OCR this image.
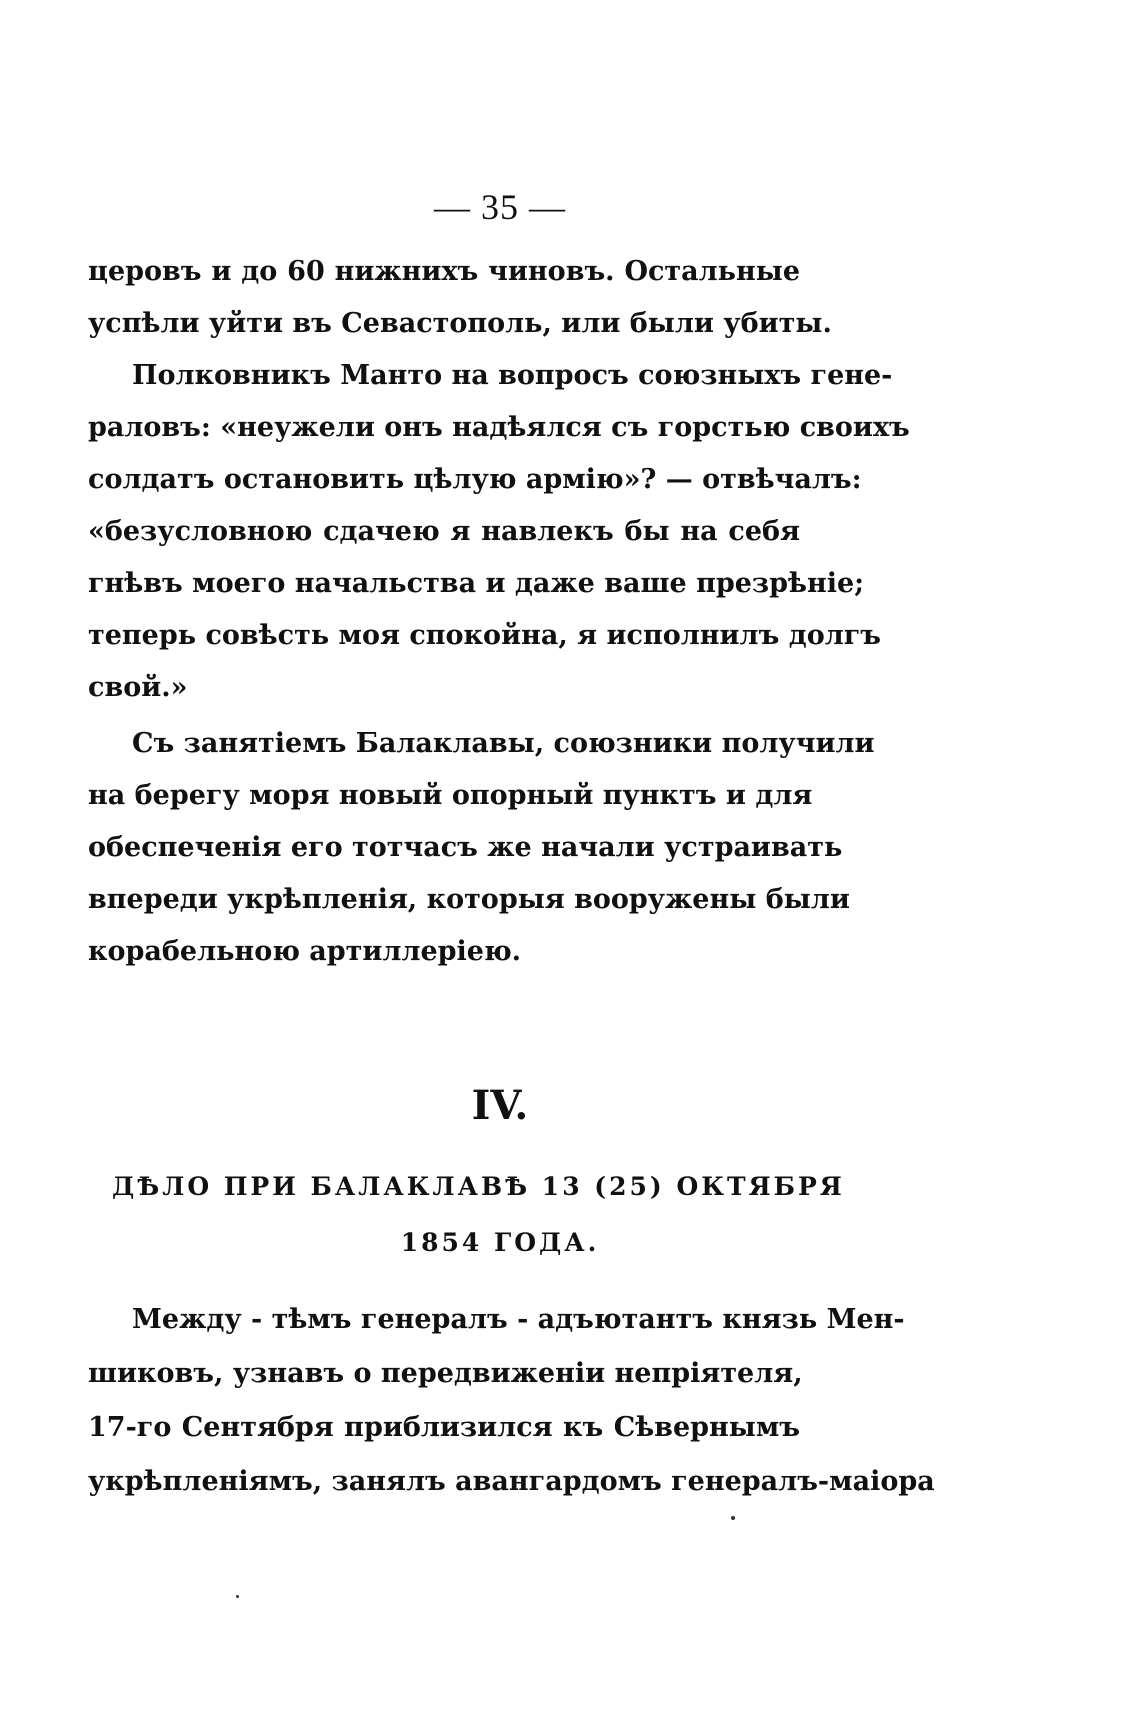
— 35 —
церовъ и до 60 нижнихъ чиновъ. Остальные
успѣли уйти въ Севастополь, или были убиты.
Полковникъ Манто на вопросъ союзныхъ гене-
раловъ: «неужели онъ надѣялся съ горстью своихъ
солдатъ остановить цѣлую армію»? — отвѣчалъ:
«безусловною сдачею я навлекъ бы на себя
гнѣвъ моего начальства и даже ваше презрѣніе;
теперь совѣсть моя спокойна, я исполнилъ долгъ
свой.»
Съ занятіемъ Балаклавы, союзники получили
на берегу моря новый опорный пунктъ и для
обеспеченія его тотчасъ же начали устраивать
впереди укрѣпленія, которыя вооружены были
корабельною артиллеріею.
IV.
ДѢЛО ПРИ БАЛАКЛАВѢ 13 (25) ОКТЯБРЯ
1854 ГОДА.
Между - тѣмъ генералъ - адъютантъ князь Мен-
шиковъ, узнавъ о передвиженіи непріятеля,
17-го Сентября приблизился къ Сѣвернымъ
укрѣпленіямъ, занялъ авангардомъ генералъ-маіора
